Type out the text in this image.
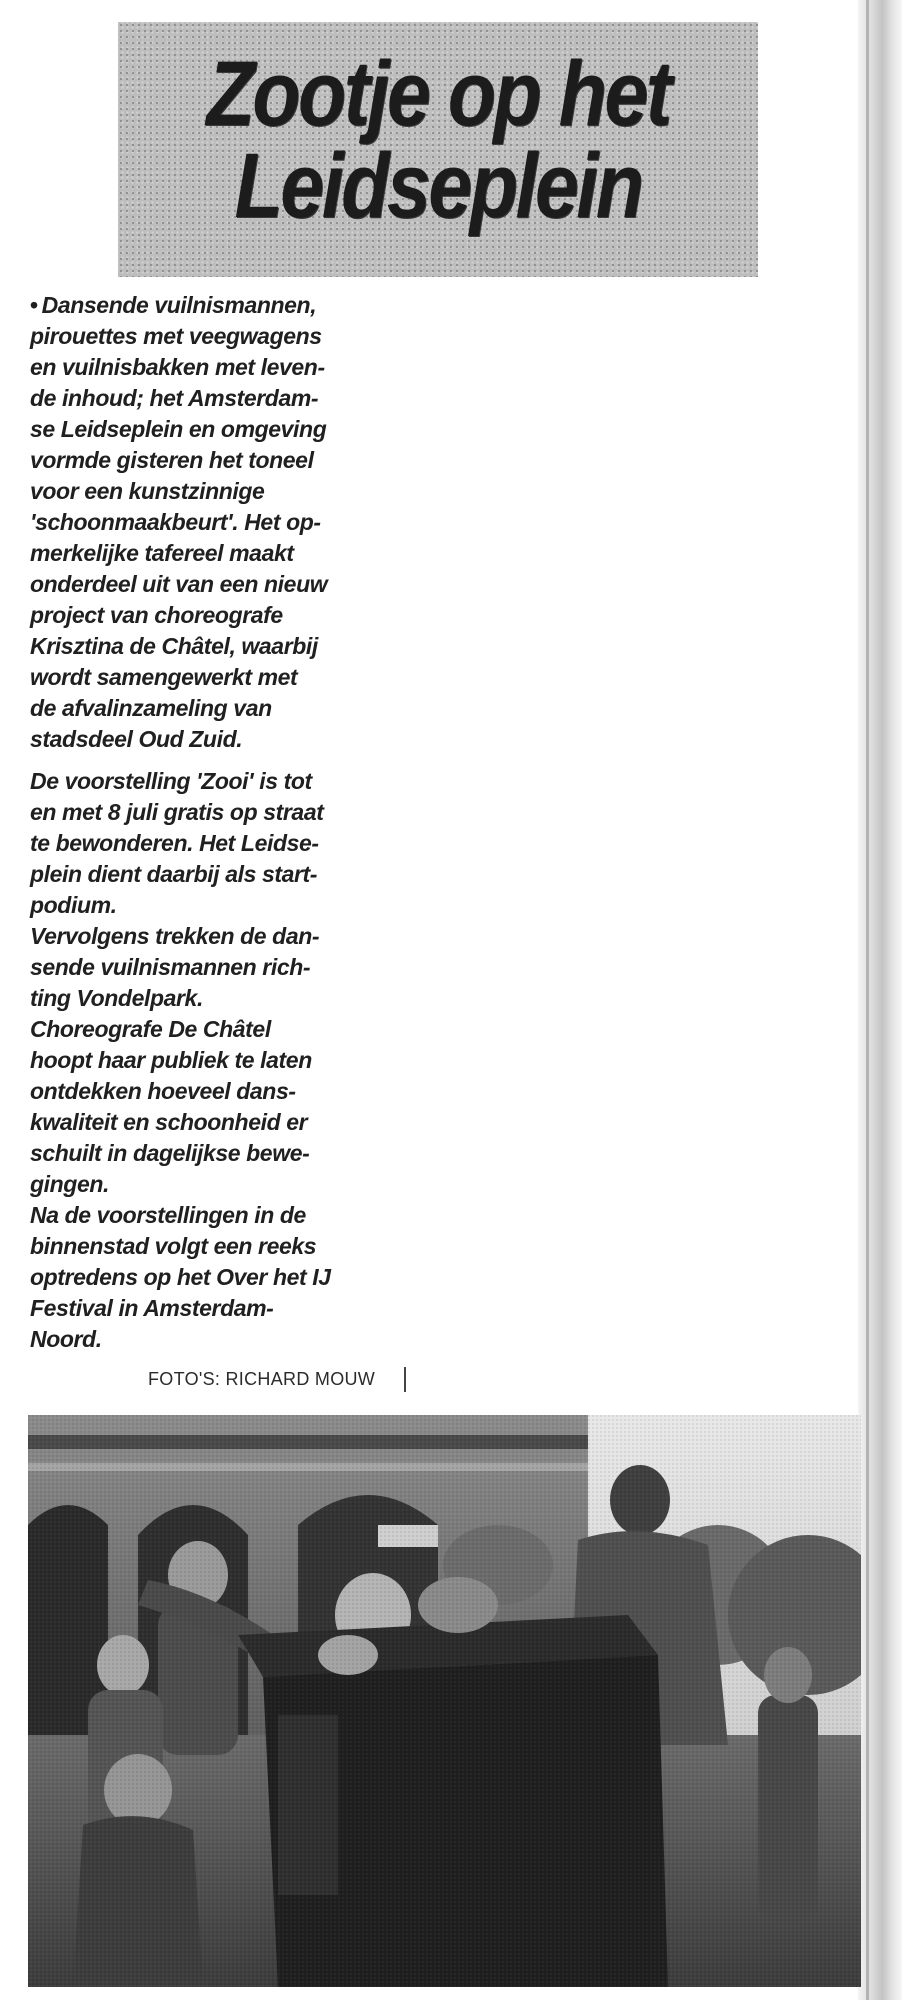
Zootje op het
Leidseplein

• Dansende vuilnismannen,
pirouettes met veegwagens
en vuilnisbakken met leven-
de inhoud; het Amsterdam-
se Leidseplein en omgeving
vormde gisteren het toneel
voor een kunstzinnige
'schoonmaakbeurt'. Het op-
merkelijke tafereel maakt
onderdeel uit van een nieuw
project van choreografe
Krisztina de Châtel, waarbij
wordt samengewerkt met
de afvalinzameling van
stadsdeel Oud Zuid.

De voorstelling 'Zooi' is tot
en met 8 juli gratis op straat
te bewonderen. Het Leidse-
plein dient daarbij als start-
podium.
Vervolgens trekken de dan-
sende vuilnismannen rich-
ting Vondelpark.
Choreografe De Châtel
hoopt haar publiek te laten
ontdekken hoeveel dans-
kwaliteit en schoonheid er
schuilt in dagelijkse bewe-
gingen.
Na de voorstellingen in de
binnenstad volgt een reeks
optredens op het Over het IJ
Festival in Amsterdam-
Noord.

FOTO'S: RICHARD MOUW
